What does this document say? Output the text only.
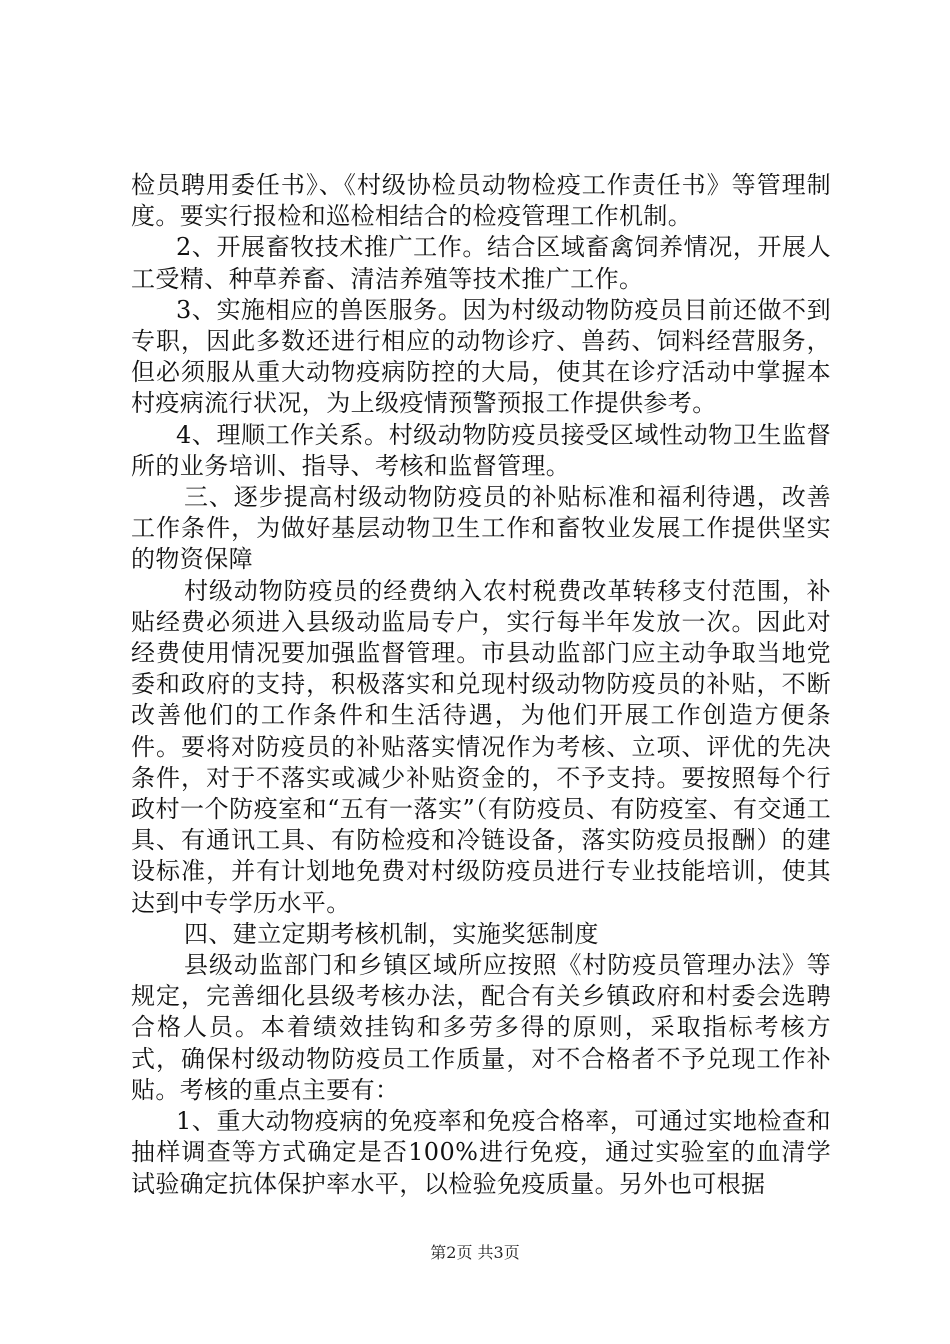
检员聘用委任书》、《村级协检员动物检疫工作责任书》等管理制度。要实行报检和巡检相结合的检疫管理工作机制。

2、开展畜牧技术推广工作。结合区域畜禽饲养情况，开展人工受精、种草养畜、清洁养殖等技术推广工作。

3、实施相应的兽医服务。因为村级动物防疫员目前还做不到专职，因此多数还进行相应的动物诊疗、兽药、饲料经营服务，但必须服从重大动物疫病防控的大局，使其在诊疗活动中掌握本村疫病流行状况，为上级疫情预警预报工作提供参考。

4、理顺工作关系。村级动物防疫员接受区域性动物卫生监督所的业务培训、指导、考核和监督管理。

三、逐步提高村级动物防疫员的补贴标准和福利待遇，改善工作条件，为做好基层动物卫生工作和畜牧业发展工作提供坚实的物资保障

村级动物防疫员的经费纳入农村税费改革转移支付范围，补贴经费必须进入县级动监局专户，实行每半年发放一次。因此对经费使用情况要加强监督管理。市县动监部门应主动争取当地党委和政府的支持，积极落实和兑现村级动物防疫员的补贴，不断改善他们的工作条件和生活待遇，为他们开展工作创造方便条件。要将对防疫员的补贴落实情况作为考核、立项、评优的先决条件，对于不落实或减少补贴资金的，不予支持。要按照每个行政村一个防疫室和“五有一落实”（有防疫员、有防疫室、有交通工具、有通讯工具、有防检疫和冷链设备，落实防疫员报酬）的建设标准，并有计划地免费对村级防疫员进行专业技能培训，使其达到中专学历水平。

四、建立定期考核机制，实施奖惩制度

县级动监部门和乡镇区域所应按照《村防疫员管理办法》等规定，完善细化县级考核办法，配合有关乡镇政府和村委会选聘合格人员。本着绩效挂钩和多劳多得的原则，采取指标考核方式，确保村级动物防疫员工作质量，对不合格者不予兑现工作补贴。考核的重点主要有：

1、重大动物疫病的免疫率和免疫合格率，可通过实地检查和抽样调查等方式确定是否100%进行免疫，通过实验室的血清学试验确定抗体保护率水平，以检验免疫质量。另外也可根据

第2页 共3页
